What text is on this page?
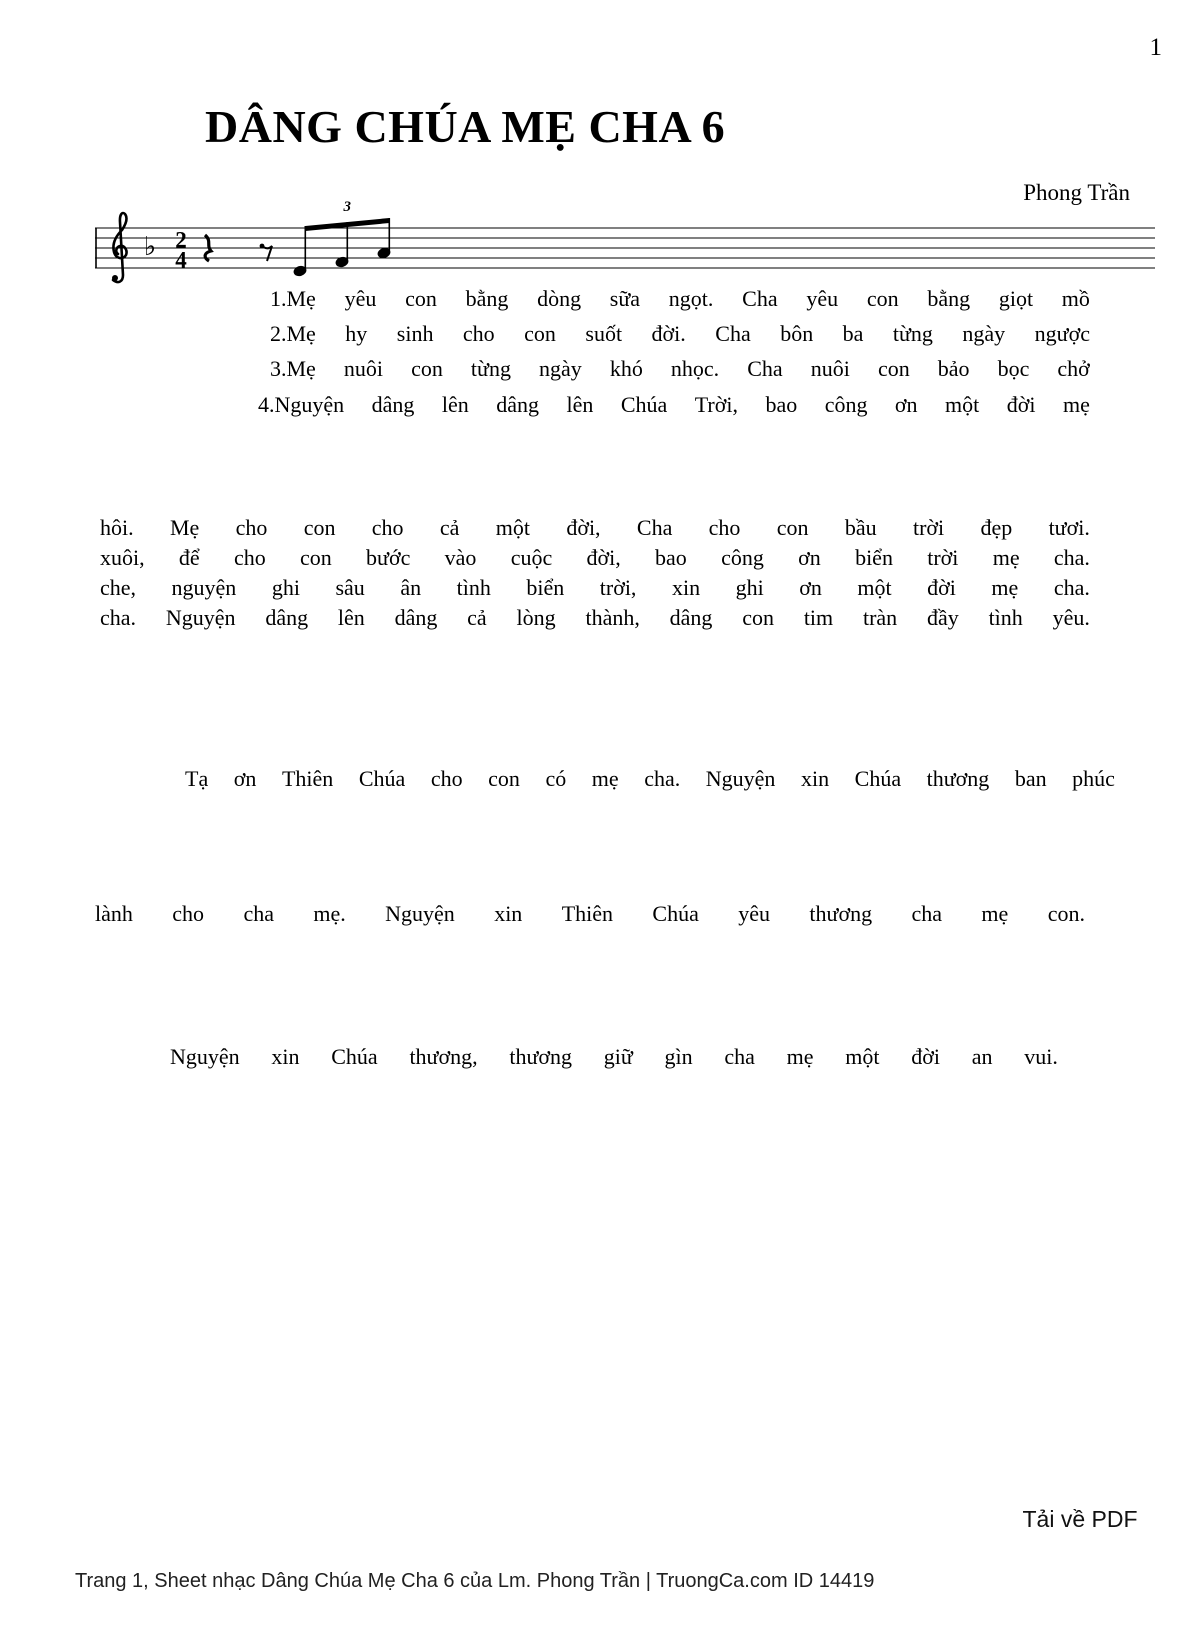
1
DÂNG CHÚA MẸ CHA 6
Phong Trần
♭ 2
4
3
1.Mẹ yêu con bằng dòng sữa ngọt. Cha yêu con bằng giọt mồ
2.Mẹ hy sinh cho con suốt đời. Cha bôn ba từng ngày ngược
3.Mẹ nuôi con từng ngày khó nhọc. Cha nuôi con bảo bọc chở
4.Nguyện dâng lên dâng lên Chúa Trời, bao công ơn một đời mẹ
hôi. Mẹ cho con cho cả một đời, Cha cho con bầu trời đẹp tươi.
xuôi, để cho con bước vào cuộc đời, bao công ơn biển trời mẹ cha.
che, nguyện ghi sâu ân tình biển trời, xin ghi ơn một đời mẹ cha.
cha. Nguyện dâng lên dâng cả lòng thành, dâng con tim tràn đầy tình yêu.
Tạ ơn Thiên Chúa cho con có mẹ cha. Nguyện xin Chúa thương ban phúc
lành cho cha mẹ. Nguyện xin Thiên Chúa yêu thương cha mẹ con.
Nguyện xin Chúa thương, thương giữ gìn cha mẹ một đời an vui.
Tải về PDF
Trang 1, Sheet nhạc Dâng Chúa Mẹ Cha 6 của Lm. Phong Trần | TruongCa.com ID 14419
